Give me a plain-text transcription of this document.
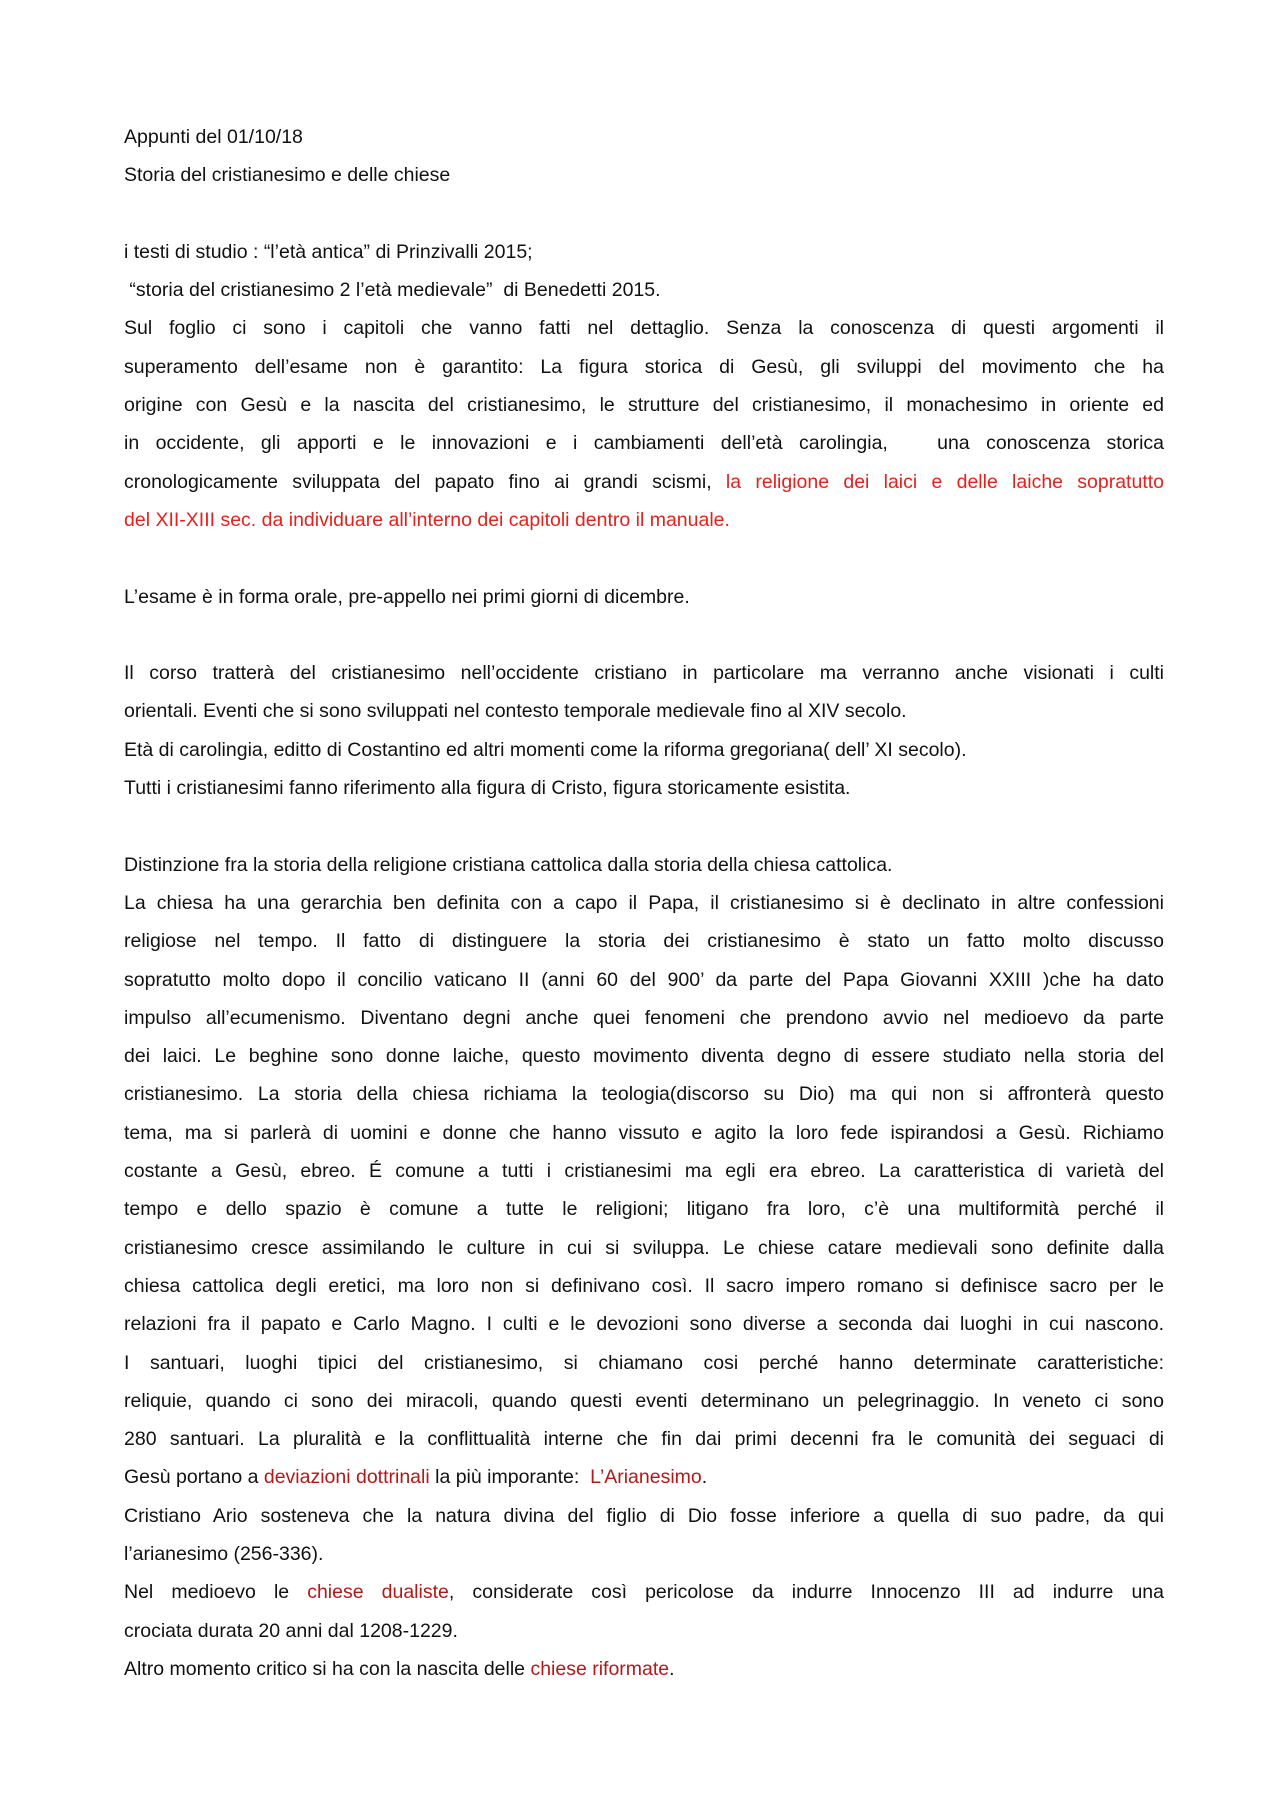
Appunti del 01/10/18
Storia del cristianesimo e delle chiese
i testi di studio : “l’età antica” di Prinzivalli 2015;
“storia del cristianesimo 2 l’età medievale”  di Benedetti 2015.
Sul foglio ci sono i capitoli che vanno fatti nel dettaglio. Senza la conoscenza di questi argomenti il
superamento dell’esame non è garantito: La figura storica di Gesù, gli sviluppi del movimento che ha
origine con Gesù e la nascita del cristianesimo, le strutture del cristianesimo, il monachesimo in oriente ed
in occidente, gli apporti e le innovazioni e i cambiamenti dell’età carolingia,   una conoscenza storica
cronologicamente sviluppata del papato fino ai grandi scismi, la religione dei laici e delle laiche sopratutto
del XII-XIII sec. da individuare all’interno dei capitoli dentro il manuale.
L’esame è in forma orale, pre-appello nei primi giorni di dicembre.
Il corso tratterà del cristianesimo nell’occidente cristiano in particolare ma verranno anche visionati i culti
orientali. Eventi che si sono sviluppati nel contesto temporale medievale fino al XIV secolo.
Età di carolingia, editto di Costantino ed altri momenti come la riforma gregoriana( dell’ XI secolo).
Tutti i cristianesimi fanno riferimento alla figura di Cristo, figura storicamente esistita.
Distinzione fra la storia della religione cristiana cattolica dalla storia della chiesa cattolica.
La chiesa ha una gerarchia ben definita con a capo il Papa, il cristianesimo si è declinato in altre confessioni
religiose nel tempo. Il fatto di distinguere la storia dei cristianesimo è stato un fatto molto discusso
sopratutto molto dopo il concilio vaticano II (anni 60 del 900’ da parte del Papa Giovanni XXIII )che ha dato
impulso all’ecumenismo. Diventano degni anche quei fenomeni che prendono avvio nel medioevo da parte
dei laici. Le beghine sono donne laiche, questo movimento diventa degno di essere studiato nella storia del
cristianesimo. La storia della chiesa richiama la teologia(discorso su Dio) ma qui non si affronterà questo
tema, ma si parlerà di uomini e donne che hanno vissuto e agito la loro fede ispirandosi a Gesù. Richiamo
costante a Gesù, ebreo. É comune a tutti i cristianesimi ma egli era ebreo. La caratteristica di varietà del
tempo e dello spazio è comune a tutte le religioni; litigano fra loro, c’è una multiformità perché il
cristianesimo cresce assimilando le culture in cui si sviluppa. Le chiese catare medievali sono definite dalla
chiesa cattolica degli eretici, ma loro non si definivano così. Il sacro impero romano si definisce sacro per le
relazioni fra il papato e Carlo Magno. I culti e le devozioni sono diverse a seconda dai luoghi in cui nascono.
I santuari, luoghi tipici del cristianesimo, si chiamano cosi perché hanno determinate caratteristiche:
reliquie, quando ci sono dei miracoli, quando questi eventi determinano un pelegrinaggio. In veneto ci sono
280 santuari. La pluralità e la conflittualità interne che fin dai primi decenni fra le comunità dei seguaci di
Gesù portano a deviazioni dottrinali la più imporante:  L’Arianesimo.
Cristiano Ario sosteneva che la natura divina del figlio di Dio fosse inferiore a quella di suo padre, da qui
l’arianesimo (256-336).
Nel medioevo le chiese dualiste, considerate così pericolose da indurre Innocenzo III ad indurre una
crociata durata 20 anni dal 1208-1229.
Altro momento critico si ha con la nascita delle chiese riformate.
